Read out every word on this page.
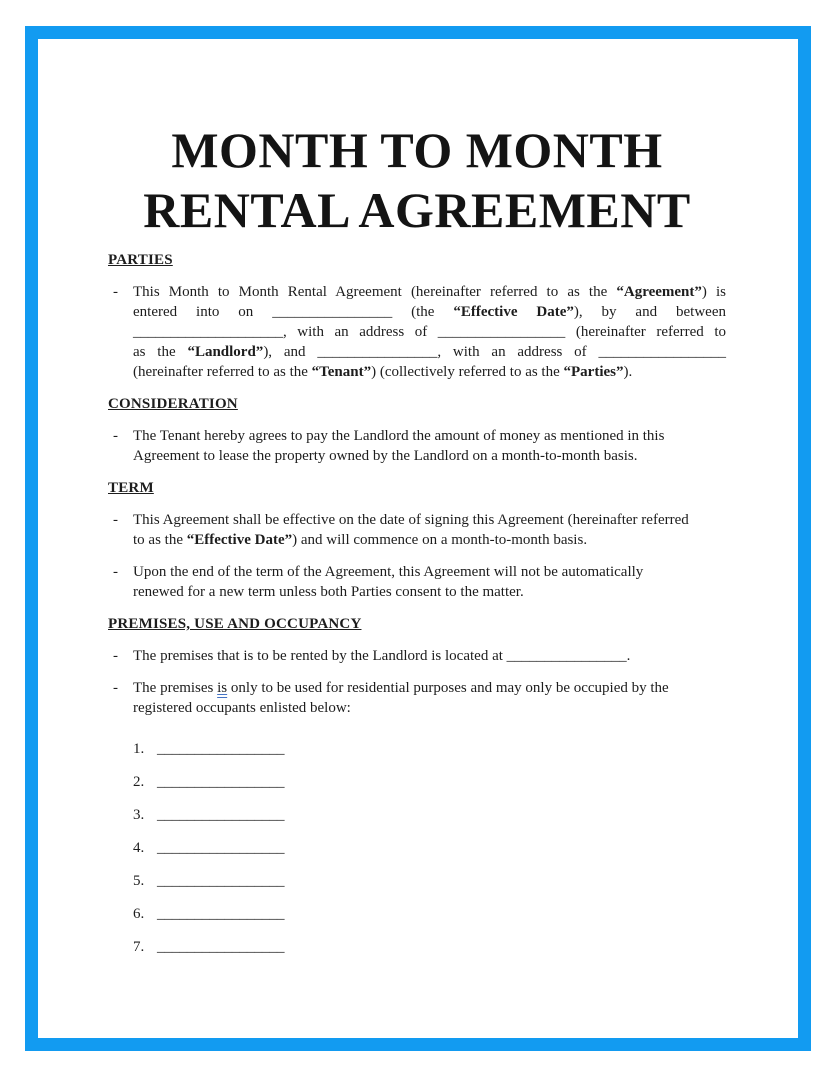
MONTH TO MONTH
RENTAL AGREEMENT
PARTIES
- This Month to Month Rental Agreement (hereinafter referred to as the “Agreement”) is
entered into on ________________ (the “Effective Date”), by and between
____________________, with an address of _________________ (hereinafter referred to
as the “Landlord”), and ________________, with an address of _________________
(hereinafter referred to as the “Tenant”) (collectively referred to as the “Parties”).
CONSIDERATION
- The Tenant hereby agrees to pay the Landlord the amount of money as mentioned in this
Agreement to lease the property owned by the Landlord on a month-to-month basis.
TERM
- This Agreement shall be effective on the date of signing this Agreement (hereinafter referred
to as the “Effective Date”) and will commence on a month-to-month basis.
- Upon the end of the term of the Agreement, this Agreement will not be automatically
renewed for a new term unless both Parties consent to the matter.
PREMISES, USE AND OCCUPANCY
- The premises that is to be rented by the Landlord is located at ________________.
- The premises is only to be used for residential purposes and may only be occupied by the
registered occupants enlisted below:
1. _________________
2. _________________
3. _________________
4. _________________
5. _________________
6. _________________
7. _________________
